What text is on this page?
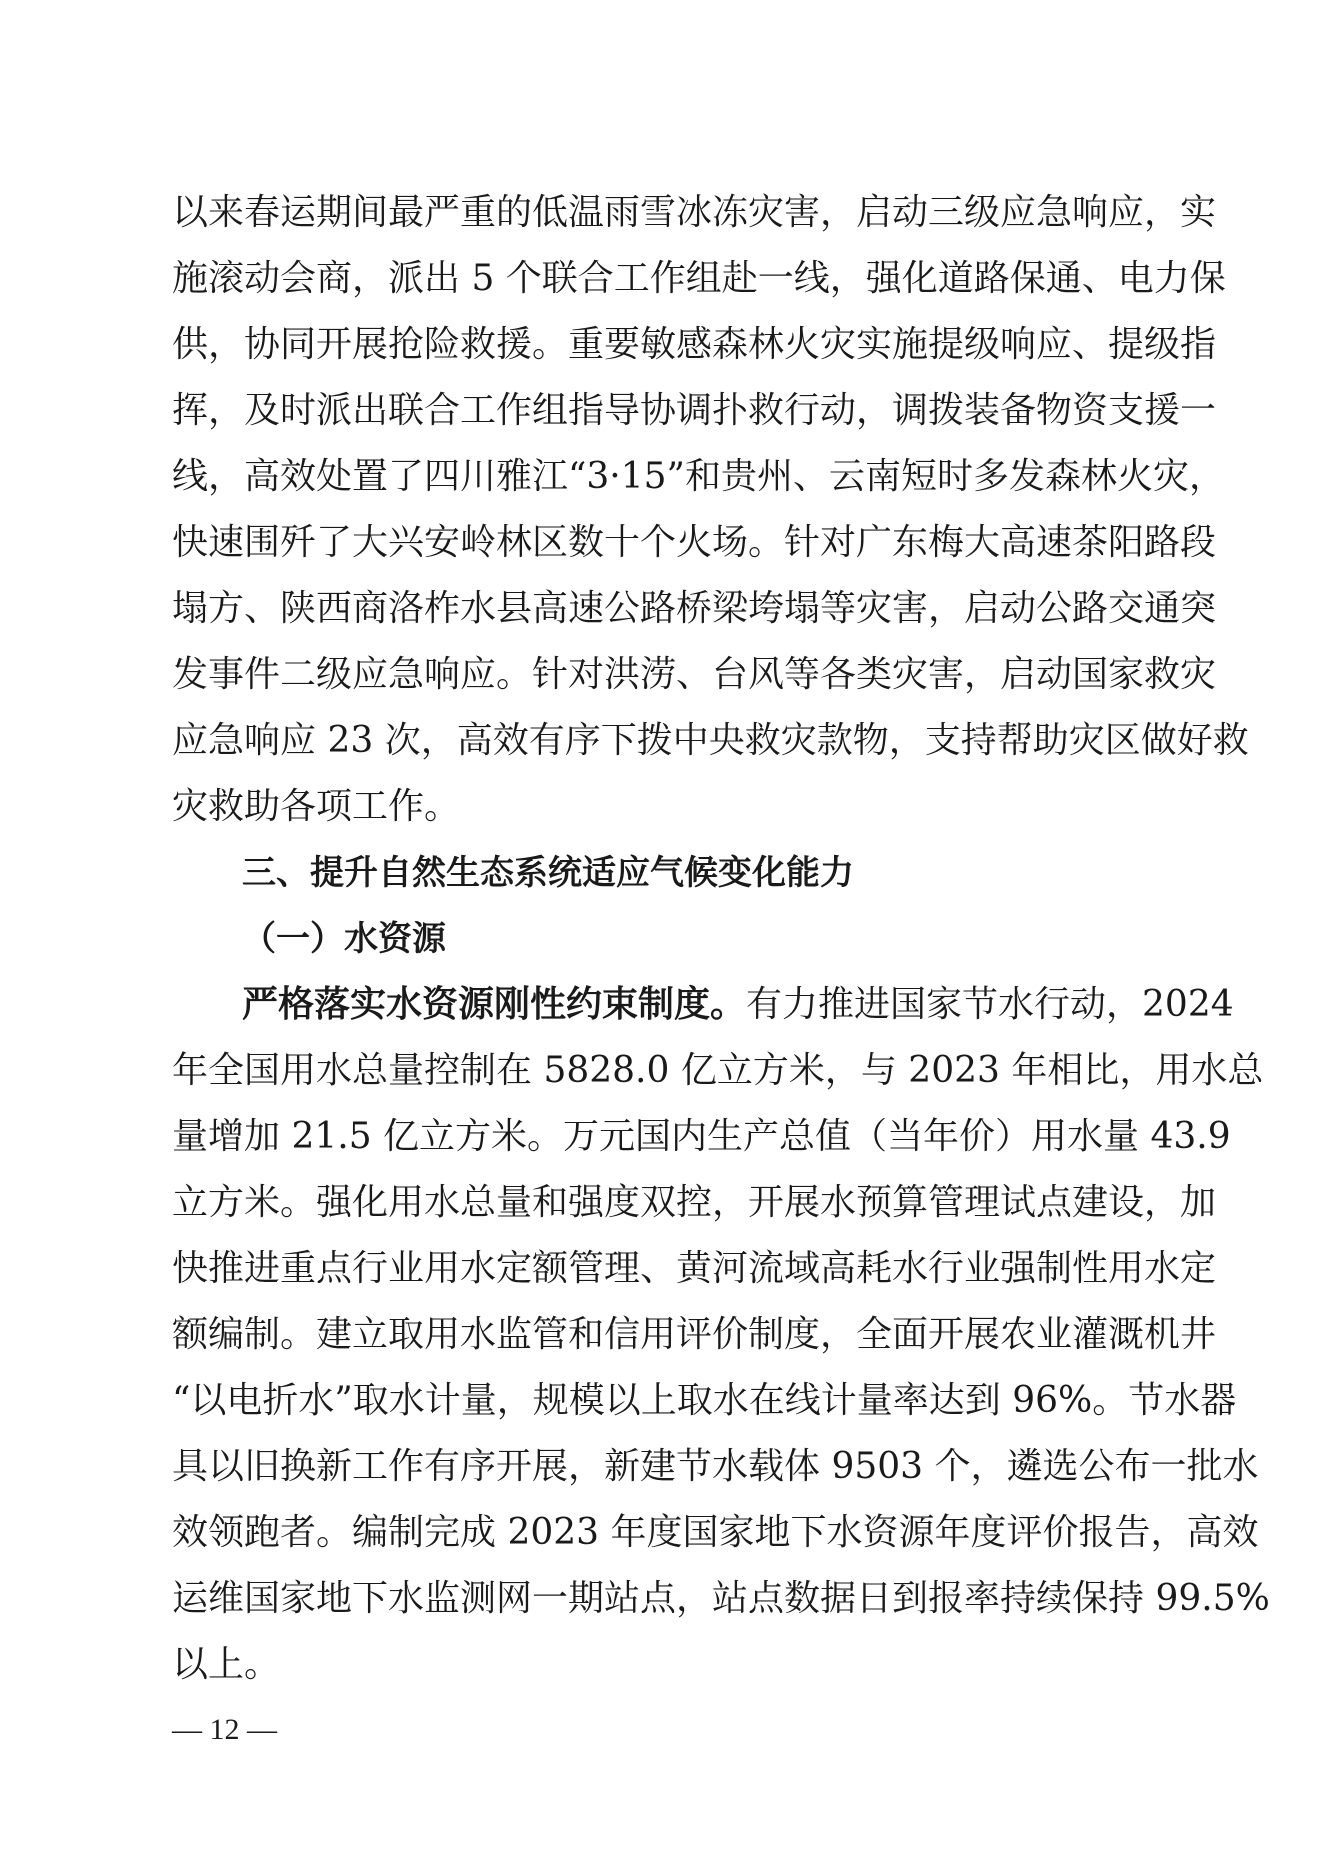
以来春运期间最严重的低温雨雪冰冻灾害，启动三级应急响应，实
施滚动会商，派出 5 个联合工作组赴一线，强化道路保通、电力保
供，协同开展抢险救援。重要敏感森林火灾实施提级响应、提级指
挥，及时派出联合工作组指导协调扑救行动，调拨装备物资支援一
线，高效处置了四川雅江“3·15”和贵州、云南短时多发森林火灾，
快速围歼了大兴安岭林区数十个火场。针对广东梅大高速茶阳路段
塌方、陕西商洛柞水县高速公路桥梁垮塌等灾害，启动公路交通突
发事件二级应急响应。针对洪涝、台风等各类灾害，启动国家救灾
应急响应 23 次，高效有序下拨中央救灾款物，支持帮助灾区做好救
灾救助各项工作。
三、提升自然生态系统适应气候变化能力
（一）水资源
严格落实水资源刚性约束制度。有力推进国家节水行动，2024
年全国用水总量控制在 5828.0 亿立方米，与 2023 年相比，用水总
量增加 21.5 亿立方米。万元国内生产总值（当年价）用水量 43.9
立方米。强化用水总量和强度双控，开展水预算管理试点建设，加
快推进重点行业用水定额管理、黄河流域高耗水行业强制性用水定
额编制。建立取用水监管和信用评价制度，全面开展农业灌溉机井
“以电折水”取水计量，规模以上取水在线计量率达到 96%。节水器
具以旧换新工作有序开展，新建节水载体 9503 个，遴选公布一批水
效领跑者。编制完成 2023 年度国家地下水资源年度评价报告，高效
运维国家地下水监测网一期站点，站点数据日到报率持续保持 99.5%
以上。
— 12 —
